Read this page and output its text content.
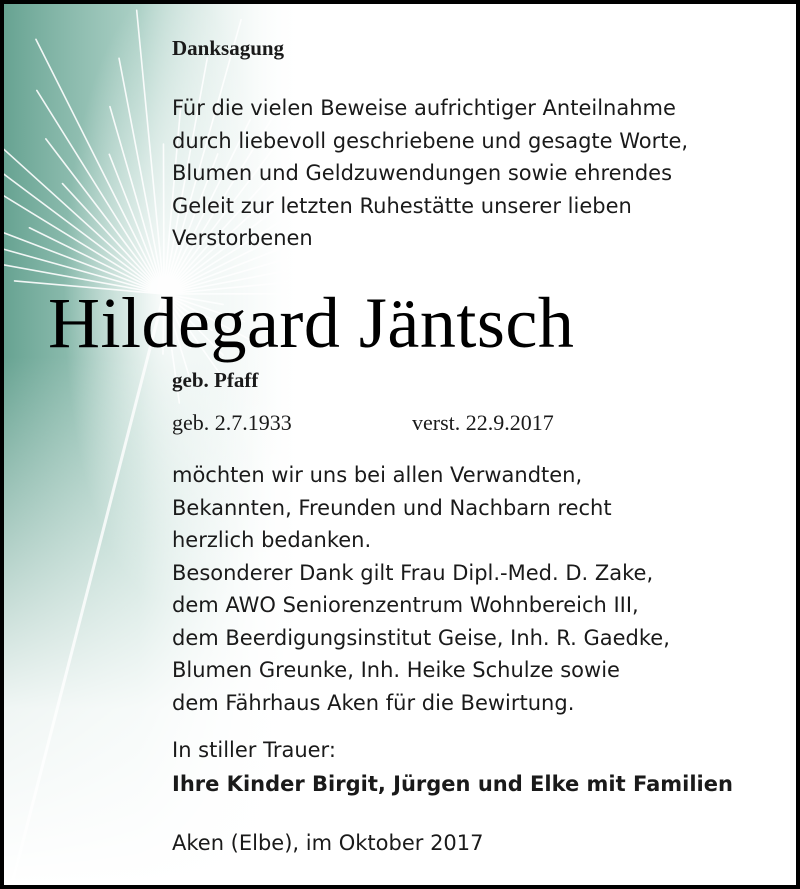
Danksagung
Für die vielen Beweise aufrichtiger Anteilnahme
durch liebevoll geschriebene und gesagte Worte,
Blumen und Geldzuwendungen sowie ehrendes
Geleit zur letzten Ruhestätte unserer lieben
Verstorbenen
Hildegard Jäntsch
geb. Pfaff
geb. 2.7.1933	verst. 22.9.2017
möchten wir uns bei allen Verwandten,
Bekannten, Freunden und Nachbarn recht
herzlich bedanken.
Besonderer Dank gilt Frau Dipl.-Med. D. Zake,
dem AWO Seniorenzentrum Wohnbereich III,
dem Beerdigungsinstitut Geise, Inh. R. Gaedke,
Blumen Greunke, Inh. Heike Schulze sowie
dem Fährhaus Aken für die Bewirtung.
In stiller Trauer:
Ihre Kinder Birgit, Jürgen und Elke mit Familien
Aken (Elbe), im Oktober 2017
